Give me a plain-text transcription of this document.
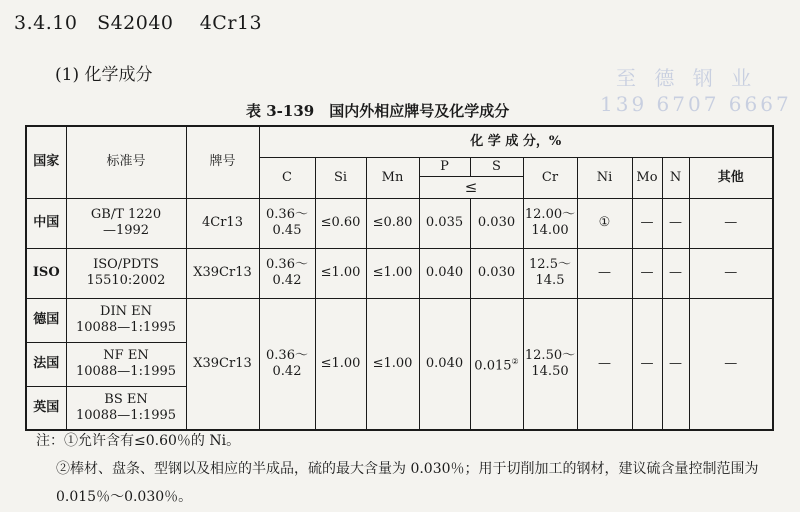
3.4.10 S42040 4Cr13
(1) 化学成分	至 德 钢 业
139 6707 6667
表 3-139　国内外相应牌号及化学成分
国家	标准号	牌号	化 学 成 分，%									
			C	Si	Mn	P	S	Cr	Ni	Mo	N	其他
						≤						
中国	GB/T 1220
—1992	4Cr13	0.36～
0.45	≤0.60	≤0.80	0.035	0.030	12.00～
14.00	①	—	—	—
ISO	ISO/PDTS
15510:2002	X39Cr13	0.36～
0.42	≤1.00	≤1.00	0.040	0.030	12.5～
14.5	—	—	—	—
德国	DIN EN
10088—1:1995	X39Cr13	0.36～
0.42	≤1.00	≤1.00	0.040	0.015②	12.50～
14.50	—	—	—	—
法国	NF EN
10088—1:1995											

英国	BS EN
10088—1:1995											
注：①允许含有≤0.60％的 Ni。
②棒材、盘条、型钢以及相应的半成品，硫的最大含量为 0.030％；用于切削加工的钢材，建议硫含量控制范围为
0.015％～0.030％。
